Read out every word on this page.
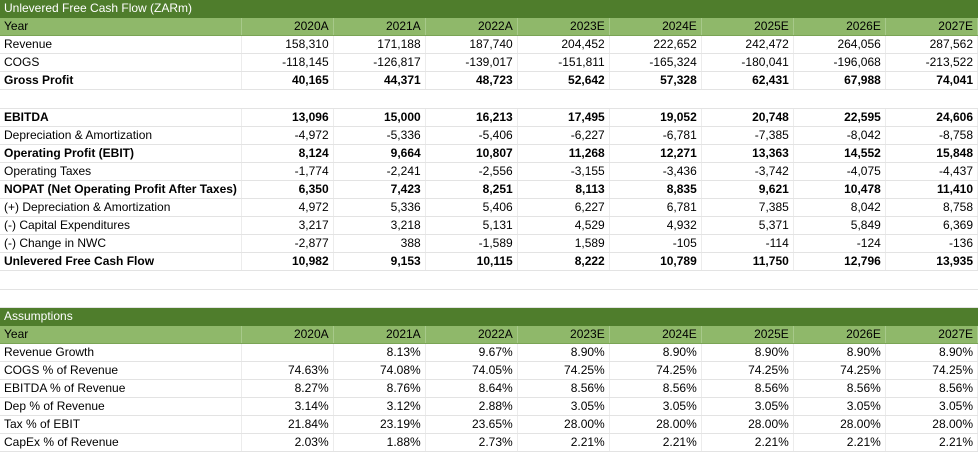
Unlevered Free Cash Flow (ZARm)								
Year	2020A	2021A	2022A	2023E	2024E	2025E	2026E	2027E
Revenue	158,310	171,188	187,740	204,452	222,652	242,472	264,056	287,562
COGS	-118,145	-126,817	-139,017	-151,811	-165,324	-180,041	-196,068	-213,522
Gross Profit	40,165	44,371	48,723	52,642	57,328	62,431	67,988	74,041

EBITDA	13,096	15,000	16,213	17,495	19,052	20,748	22,595	24,606
Depreciation & Amortization	-4,972	-5,336	-5,406	-6,227	-6,781	-7,385	-8,042	-8,758
Operating Profit (EBIT)	8,124	9,664	10,807	11,268	12,271	13,363	14,552	15,848
Operating Taxes	-1,774	-2,241	-2,556	-3,155	-3,436	-3,742	-4,075	-4,437
NOPAT (Net Operating Profit After Taxes)	6,350	7,423	8,251	8,113	8,835	9,621	10,478	11,410
(+) Depreciation & Amortization	4,972	5,336	5,406	6,227	6,781	7,385	8,042	8,758
(-) Capital Expenditures	3,217	3,218	5,131	4,529	4,932	5,371	5,849	6,369
(-) Change in NWC	-2,877	388	-1,589	1,589	-105	-114	-124	-136
Unlevered Free Cash Flow	10,982	9,153	10,115	8,222	10,789	11,750	12,796	13,935

Assumptions								
Year	2020A	2021A	2022A	2023E	2024E	2025E	2026E	2027E
Revenue Growth		8.13%	9.67%	8.90%	8.90%	8.90%	8.90%	8.90%
COGS % of Revenue	74.63%	74.08%	74.05%	74.25%	74.25%	74.25%	74.25%	74.25%
EBITDA % of Revenue	8.27%	8.76%	8.64%	8.56%	8.56%	8.56%	8.56%	8.56%
Dep % of Revenue	3.14%	3.12%	2.88%	3.05%	3.05%	3.05%	3.05%	3.05%
Tax % of EBIT	21.84%	23.19%	23.65%	28.00%	28.00%	28.00%	28.00%	28.00%
CapEx % of Revenue	2.03%	1.88%	2.73%	2.21%	2.21%	2.21%	2.21%	2.21%
